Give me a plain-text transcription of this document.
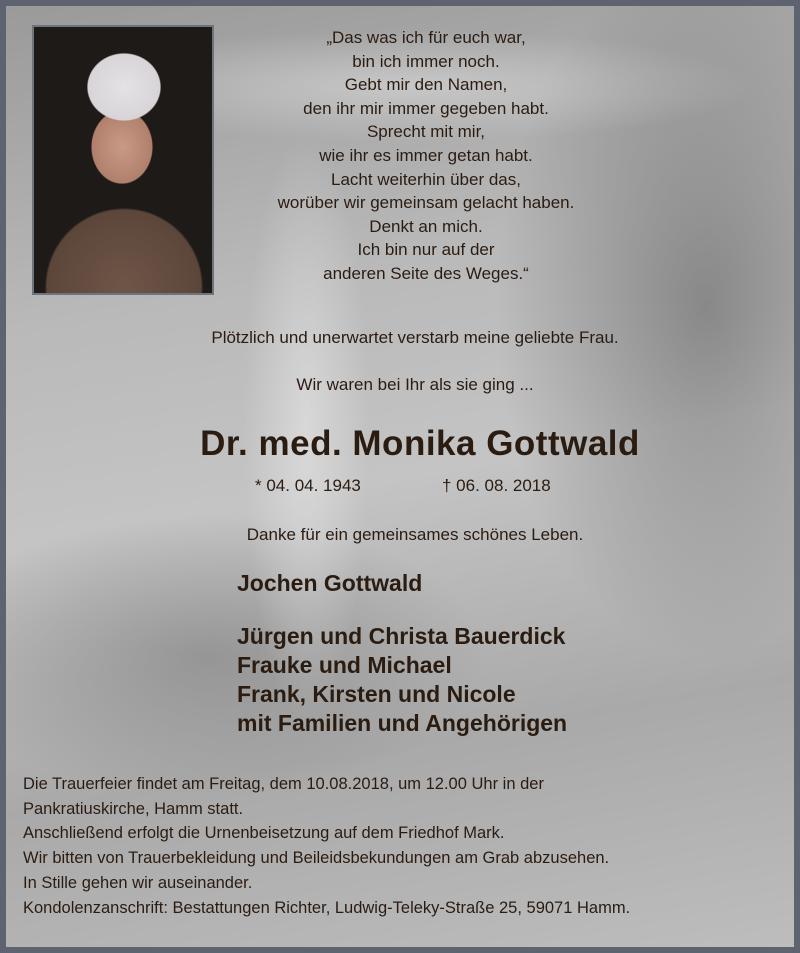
„Das was ich für euch war,
bin ich immer noch.
Gebt mir den Namen,
den ihr mir immer gegeben habt.
Sprecht mit mir,
wie ihr es immer getan habt.
Lacht weiterhin über das,
worüber wir gemeinsam gelacht haben.
Denkt an mich.
Ich bin nur auf der
anderen Seite des Weges.“
Plötzlich und unerwartet verstarb meine geliebte Frau.
Wir waren bei Ihr als sie ging ...
Dr. med. Monika Gottwald
* 04. 04. 1943	† 06. 08. 2018
Danke für ein gemeinsames schönes Leben.
Jochen Gottwald
Jürgen und Christa Bauerdick
Frauke und Michael
Frank, Kirsten und Nicole
mit Familien und Angehörigen
Die Trauerfeier findet am Freitag, dem 10.08.2018, um 12.00 Uhr in der
Pankratiuskirche, Hamm statt.
Anschließend erfolgt die Urnenbeisetzung auf dem Friedhof Mark.
Wir bitten von Trauerbekleidung und Beileidsbekundungen am Grab abzusehen.
In Stille gehen wir auseinander.
Kondolenzanschrift: Bestattungen Richter, Ludwig-Teleky-Straße 25, 59071 Hamm.
